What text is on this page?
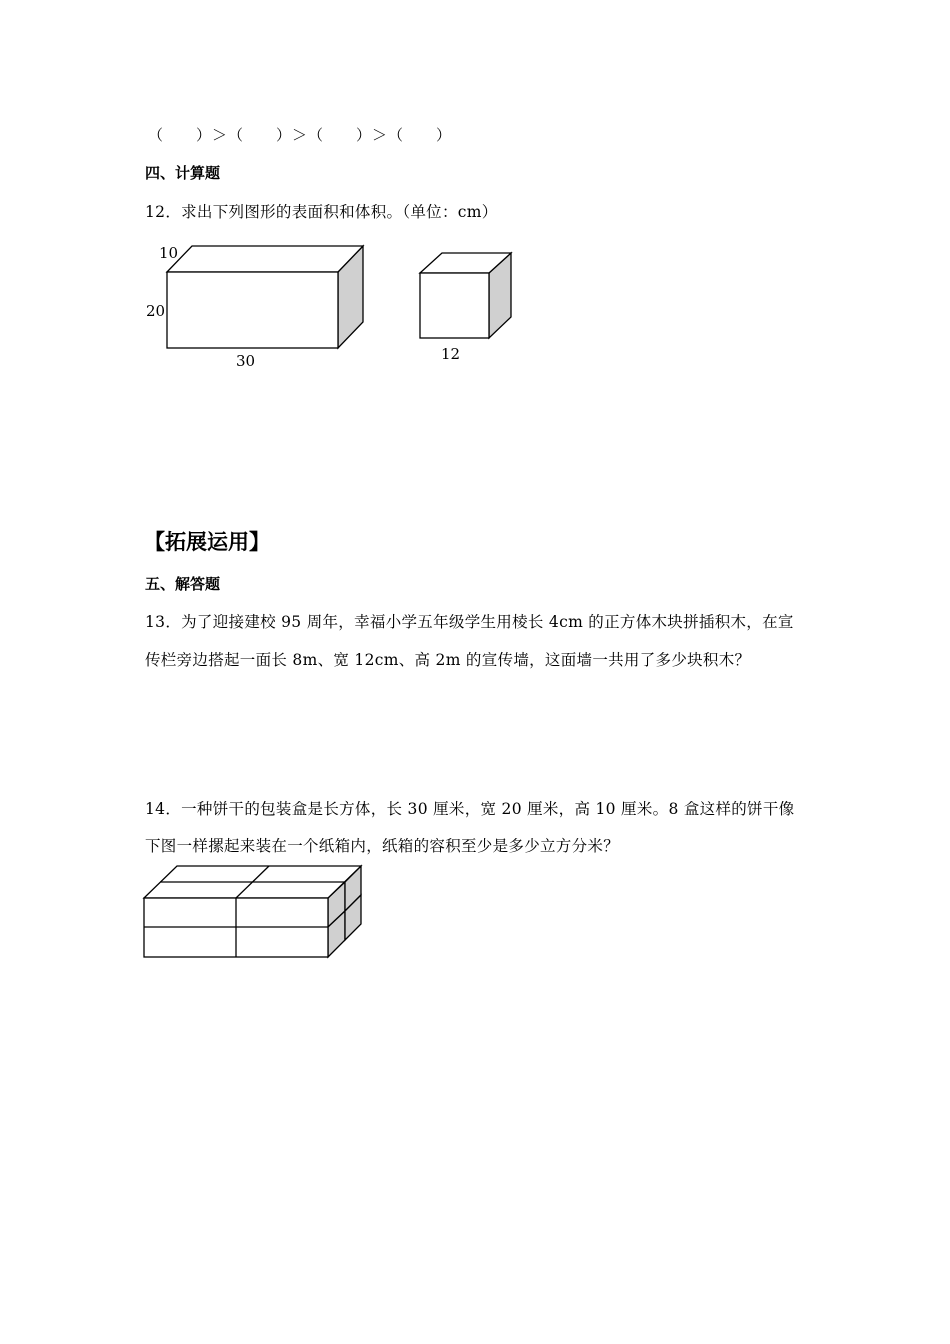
（　　）＞（　　）＞（　　）＞（　　）
四、计算题
12．求出下列图形的表面积和体积。（单位：cm）
10
20
30	12
【拓展运用】
五、解答题
13．为了迎接建校 95 周年，幸福小学五年级学生用棱长 4cm 的正方体木块拼插积木，在宣
传栏旁边搭起一面长 8m、宽 12cm、高 2m 的宣传墙，这面墙一共用了多少块积木？
14．一种饼干的包装盒是长方体，长 30 厘米，宽 20 厘米，高 10 厘米。8 盒这样的饼干像
下图一样摞起来装在一个纸箱内，纸箱的容积至少是多少立方分米？
